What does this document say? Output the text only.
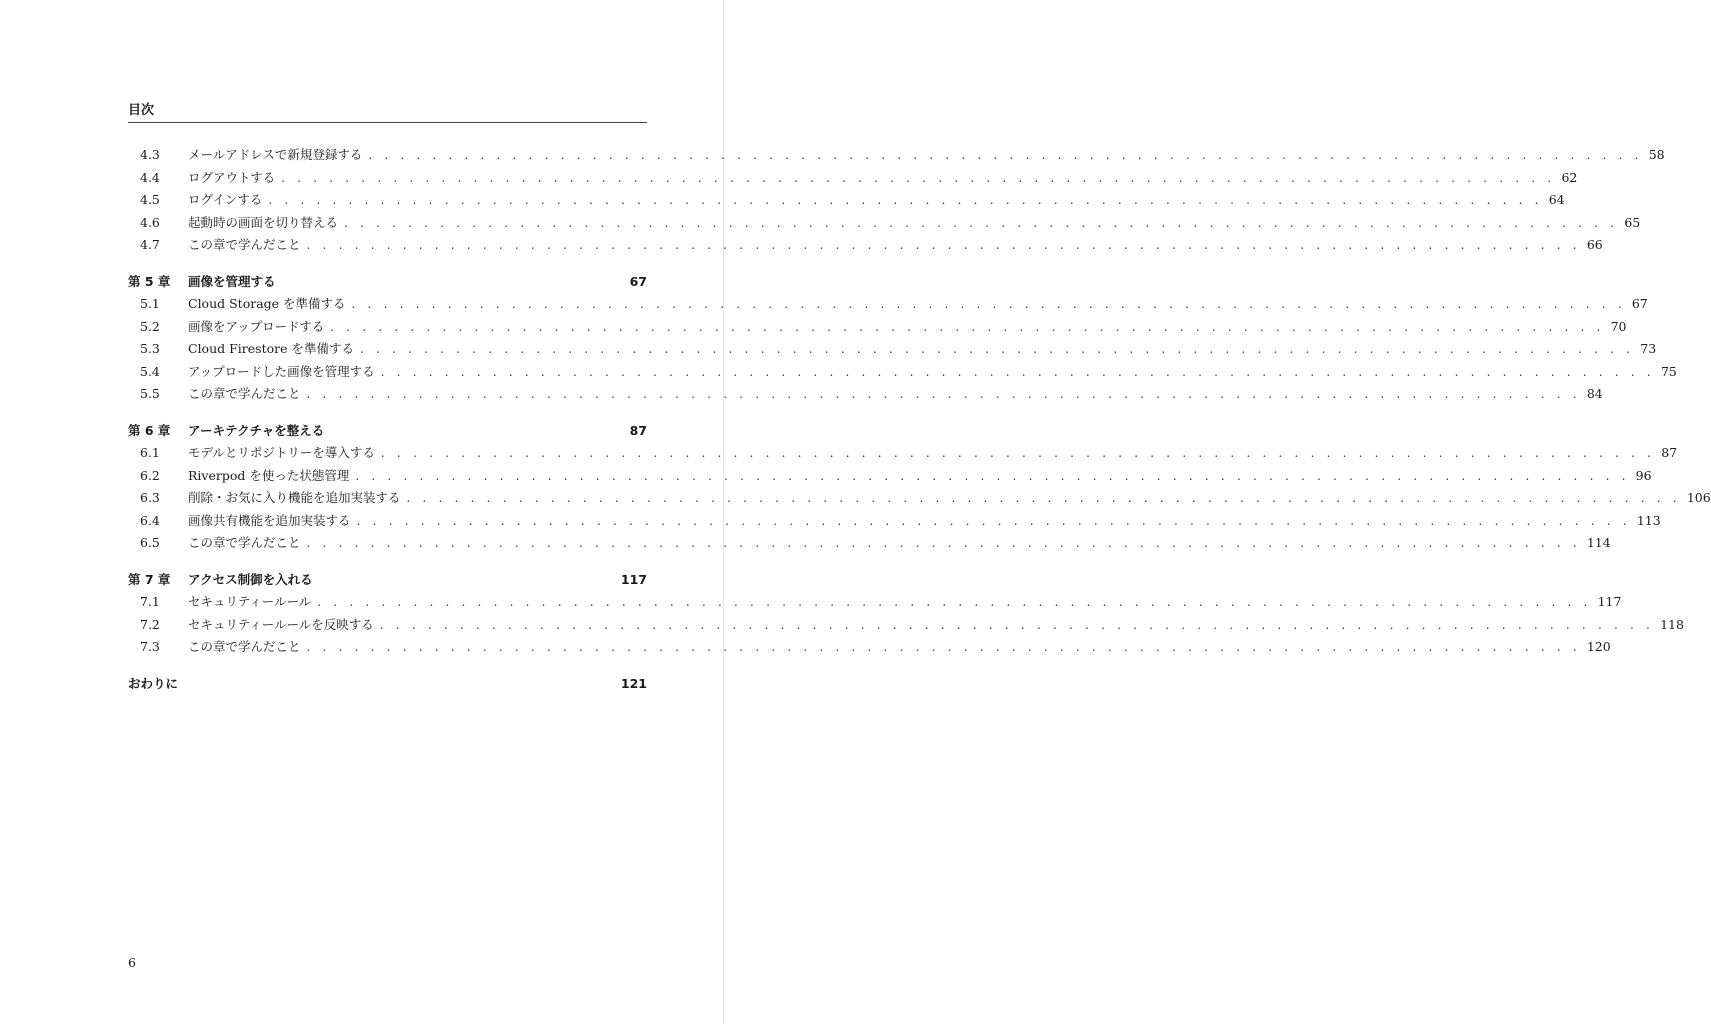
目次
4.3	メールアドレスで新規登録する . . . . . . . . . . . . . . . . . . . . . . . . . . . . . . . . . . . . . . . . . . . . . . . . . . . . . . . . . . . . . . . . . . . . . . . . . . . . . . . . 58
4.4	ログアウトする . . . . . . . . . . . . . . . . . . . . . . . . . . . . . . . . . . . . . . . . . . . . . . . . . . . . . . . . . . . . . . . . . . . . . . . . . . . . . . . . 62
4.5	ログインする . . . . . . . . . . . . . . . . . . . . . . . . . . . . . . . . . . . . . . . . . . . . . . . . . . . . . . . . . . . . . . . . . . . . . . . . . . . . . . . . 64
4.6	起動時の画面を切り替える . . . . . . . . . . . . . . . . . . . . . . . . . . . . . . . . . . . . . . . . . . . . . . . . . . . . . . . . . . . . . . . . . . . . . . . . . . . . . . . . 65
4.7	この章で学んだこと . . . . . . . . . . . . . . . . . . . . . . . . . . . . . . . . . . . . . . . . . . . . . . . . . . . . . . . . . . . . . . . . . . . . . . . . . . . . . . . . 66
第 5 章	画像を管理する	67
5.1	Cloud Storage を準備する . . . . . . . . . . . . . . . . . . . . . . . . . . . . . . . . . . . . . . . . . . . . . . . . . . . . . . . . . . . . . . . . . . . . . . . . . . . . . . . . 67
5.2	画像をアップロードする . . . . . . . . . . . . . . . . . . . . . . . . . . . . . . . . . . . . . . . . . . . . . . . . . . . . . . . . . . . . . . . . . . . . . . . . . . . . . . . . 70
5.3	Cloud Firestore を準備する . . . . . . . . . . . . . . . . . . . . . . . . . . . . . . . . . . . . . . . . . . . . . . . . . . . . . . . . . . . . . . . . . . . . . . . . . . . . . . . . 73
5.4	アップロードした画像を管理する . . . . . . . . . . . . . . . . . . . . . . . . . . . . . . . . . . . . . . . . . . . . . . . . . . . . . . . . . . . . . . . . . . . . . . . . . . . . . . . . 75
5.5	この章で学んだこと . . . . . . . . . . . . . . . . . . . . . . . . . . . . . . . . . . . . . . . . . . . . . . . . . . . . . . . . . . . . . . . . . . . . . . . . . . . . . . . . 84
第 6 章	アーキテクチャを整える	87
6.1	モデルとリポジトリーを導入する . . . . . . . . . . . . . . . . . . . . . . . . . . . . . . . . . . . . . . . . . . . . . . . . . . . . . . . . . . . . . . . . . . . . . . . . . . . . . . . . 87
6.2	Riverpod を使った状態管理 . . . . . . . . . . . . . . . . . . . . . . . . . . . . . . . . . . . . . . . . . . . . . . . . . . . . . . . . . . . . . . . . . . . . . . . . . . . . . . . . 96
6.3	削除・お気に入り機能を追加実装する . . . . . . . . . . . . . . . . . . . . . . . . . . . . . . . . . . . . . . . . . . . . . . . . . . . . . . . . . . . . . . . . . . . . . . . . . . . . . . . . 106
6.4	画像共有機能を追加実装する . . . . . . . . . . . . . . . . . . . . . . . . . . . . . . . . . . . . . . . . . . . . . . . . . . . . . . . . . . . . . . . . . . . . . . . . . . . . . . . . 113
6.5	この章で学んだこと . . . . . . . . . . . . . . . . . . . . . . . . . . . . . . . . . . . . . . . . . . . . . . . . . . . . . . . . . . . . . . . . . . . . . . . . . . . . . . . . 114
第 7 章	アクセス制御を入れる	117
7.1	セキュリティールール . . . . . . . . . . . . . . . . . . . . . . . . . . . . . . . . . . . . . . . . . . . . . . . . . . . . . . . . . . . . . . . . . . . . . . . . . . . . . . . . 117
7.2	セキュリティールールを反映する . . . . . . . . . . . . . . . . . . . . . . . . . . . . . . . . . . . . . . . . . . . . . . . . . . . . . . . . . . . . . . . . . . . . . . . . . . . . . . . . 118
7.3	この章で学んだこと . . . . . . . . . . . . . . . . . . . . . . . . . . . . . . . . . . . . . . . . . . . . . . . . . . . . . . . . . . . . . . . . . . . . . . . . . . . . . . . . 120
おわりに	121
6
